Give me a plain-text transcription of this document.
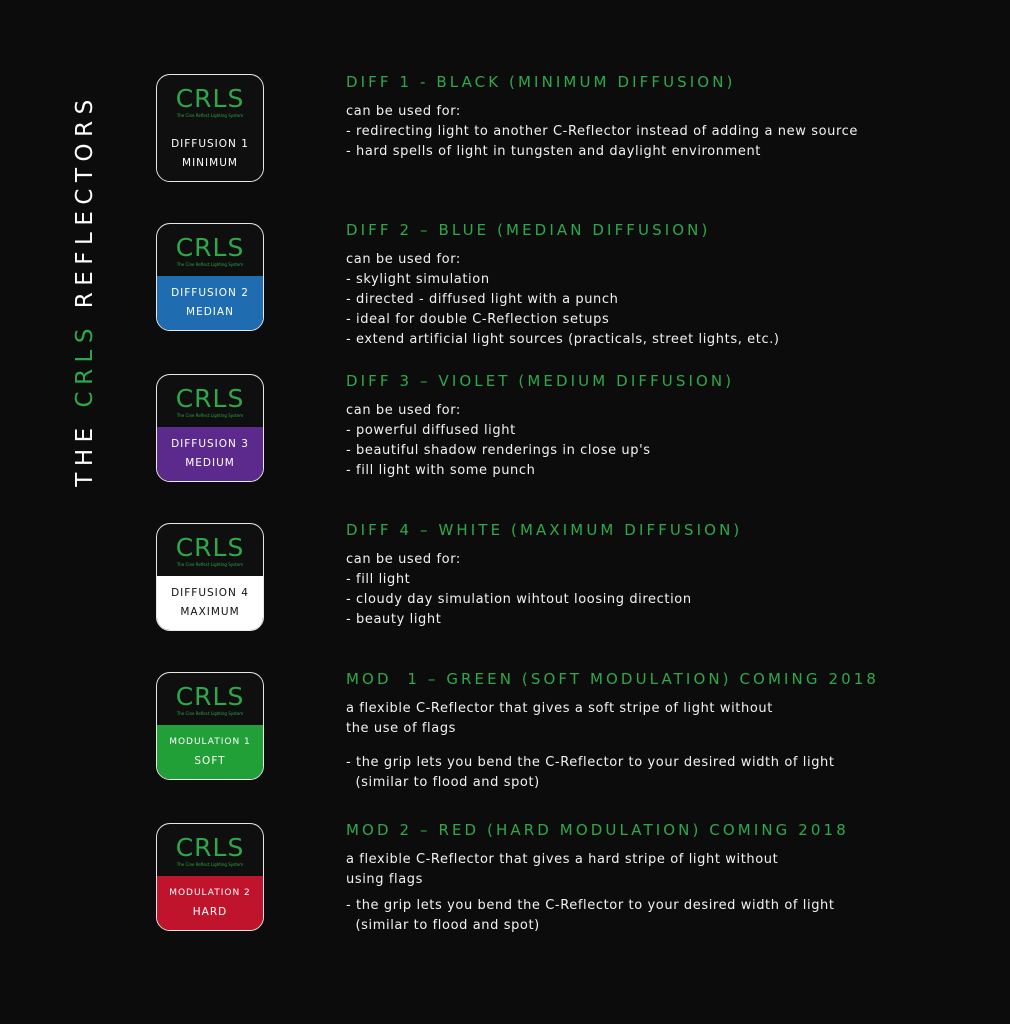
THE CRLS REFLECTORS	CRLS
The Cine Reflect Lighting System
DIFFUSION 1
MINIMUM
DIFF 1 - BLACK (MINIMUM DIFFUSION)
can be used for:
- redirecting light to another C-Reflector instead of adding a new source
- hard spells of light in tungsten and daylight environment
CRLS
The Cine Reflect Lighting System
DIFFUSION 2
MEDIAN
DIFF 2 – BLUE (MEDIAN DIFFUSION)
can be used for:
- skylight simulation
- directed - diffused light with a punch
- ideal for double C-Reflection setups
- extend artificial light sources (practicals, street lights, etc.)
CRLS
The Cine Reflect Lighting System
DIFFUSION 3
MEDIUM
DIFF 3 – VIOLET (MEDIUM DIFFUSION)
can be used for:
- powerful diffused light
- beautiful shadow renderings in close up's
- fill light with some punch
CRLS
The Cine Reflect Lighting System
DIFFUSION 4
MAXIMUM
DIFF 4 – WHITE (MAXIMUM DIFFUSION)
can be used for:
- fill light
- cloudy day simulation wihtout loosing direction
- beauty light
CRLS
The Cine Reflect Lighting System
MODULATION 1
SOFT
MOD  1 – GREEN (SOFT MODULATION) COMING 2018
a flexible C-Reflector that gives a soft stripe of light without
the use of flags
- the grip lets you bend the C-Reflector to your desired width of light
(similar to flood and spot)
CRLS
The Cine Reflect Lighting System
MODULATION 2
HARD
MOD 2 – RED (HARD MODULATION) COMING 2018
a flexible C-Reflector that gives a hard stripe of light without
using flags
- the grip lets you bend the C-Reflector to your desired width of light
(similar to flood and spot)
